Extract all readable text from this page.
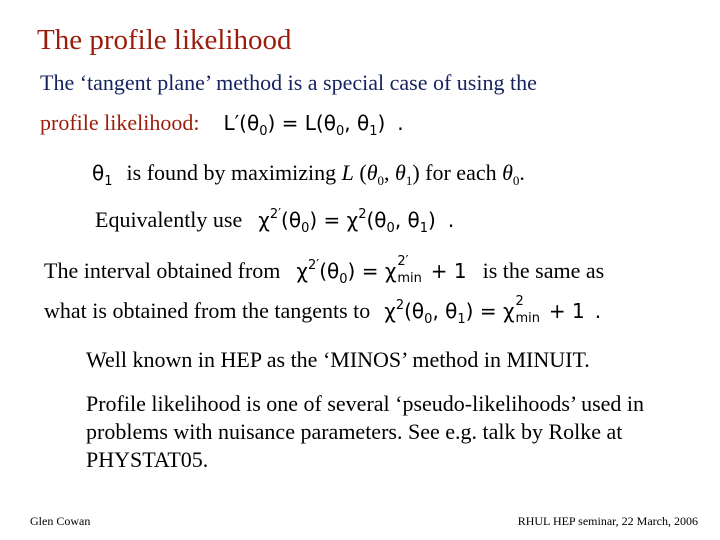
The profile likelihood
The ‘tangent plane’ method is a special case of using the
profile likelihood: $L'(\theta_0) = L(\theta_0$, $\theta_1$) .
$\theta_1$ is found by maximizing L ($\theta_0$, $\theta_1$) for each $\theta_0$.
Equivalently use $\chi^{2'}(\theta_0) = \chi^2(\theta_0$, $\theta_1$) .
The interval obtained from $\chi^{2'}(\theta_0) = \chi$ 2′
min + 1 is the same as
what is obtained from the tangents to $\chi^2(\theta_0$, $\theta_1) = \chi$ 2
min + 1 .
Well known in HEP as the ‘MINOS’ method in MINUIT.
Profile likelihood is one of several ‘pseudo-likelihoods’ used in problems with nuisance parameters. See e.g. talk by Rolke at PHYSTAT05.
Glen Cowan	RHUL HEP seminar, 22 March, 2006
